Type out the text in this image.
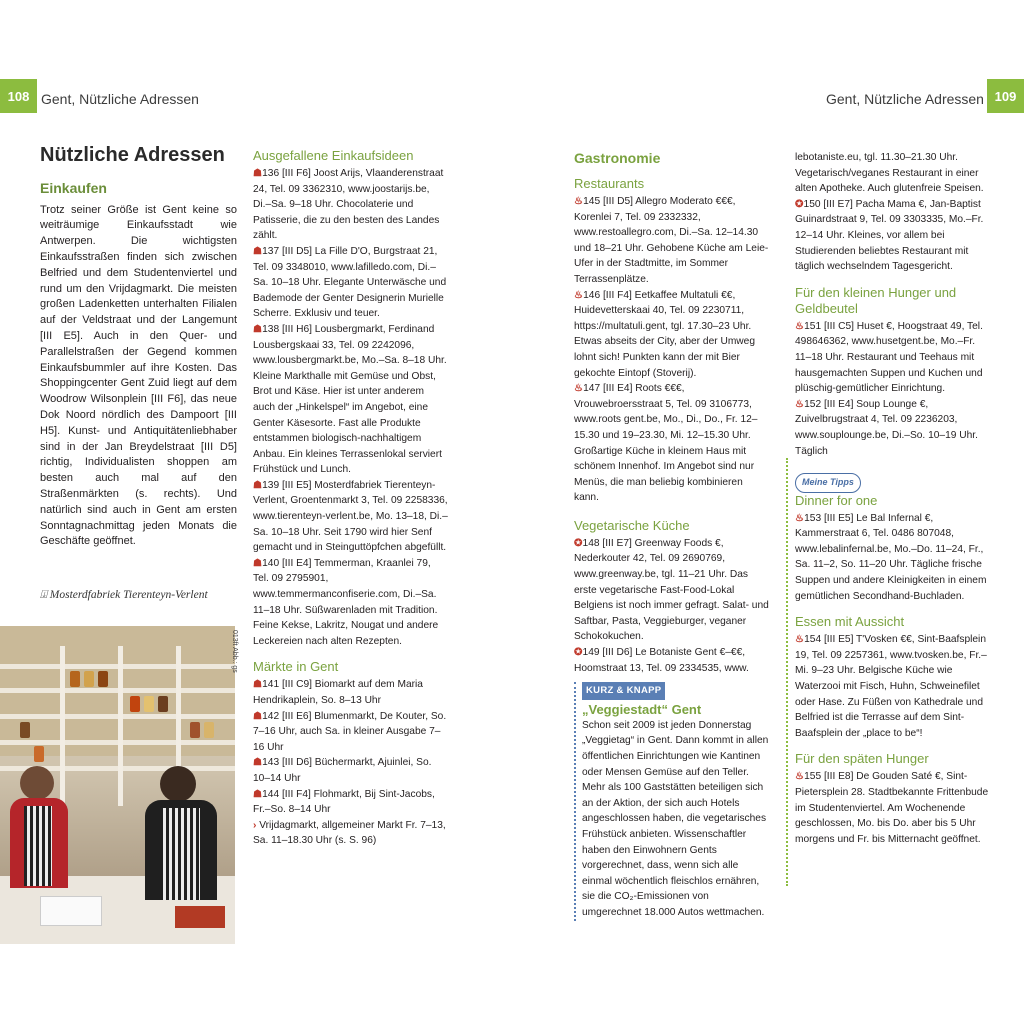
108 Gent, Nützliche Adressen	Gent, Nützliche Adressen 109

Nützliche Adressen

Einkaufen

Trotz seiner Größe ist Gent keine so weiträumige Einkaufsstadt wie Antwerpen. Die wichtigsten Einkaufsstraßen finden sich zwischen Belfried und dem Studentenviertel und rund um den Vrijdagmarkt. Die meisten großen Ladenketten unterhalten Filialen auf der Veldstraat und der Langemunt [III E5]. Auch in den Quer- und Parallelstraßen der Gegend kommen Einkaufsbummler auf ihre Kosten. Das Shoppingcenter Gent Zuid liegt auf dem Woodrow Wilsonplein [III F6], das neue Dok Noord nördlich des Dampoort [III H5]. Kunst- und Antiquitätenliebhaber sind in der Jan Breydelstraat [III D5] richtig, Individualisten shoppen am besten auch mal auf den Straßenmärkten (s. rechts). Und natürlich sind auch in Gent am ersten Sonntagnachmittag jeden Monats die Geschäfte geöffnet.

⍗ Mosterdfabriek Tierenteyn-Verlent
013ft Abb.: gs

Ausgefallene Einkaufsideen

☗136 [III F6] Joost Arijs, Vlaanderenstraat 24, Tel. 09 3362310, www.joostarijs.be, Di.–Sa. 9–18 Uhr. Chocolaterie und Patisserie, die zu den besten des Landes zählt.

☗137 [III D5] La Fille D'O, Burgstraat 21, Tel. 09 3348010, www.lafilledo.com, Di.–Sa. 10–18 Uhr. Elegante Unterwäsche und Bademode der Genter Designerin Murielle Scherre. Exklusiv und teuer.

☗138 [III H6] Lousbergmarkt, Ferdinand Lousbergskaai 33, Tel. 09 2242096, www.lousbergmarkt.be, Mo.–Sa. 8–18 Uhr. Kleine Markthalle mit Gemüse und Obst, Brot und Käse. Hier ist unter anderem auch der „Hinkelspel“ im Angebot, eine Genter Käsesorte. Fast alle Produkte entstammen biologisch-nachhaltigem Anbau. Ein kleines Terrassenlokal serviert Frühstück und Lunch.

☗139 [III E5] Mosterdfabriek Tierenteyn-Verlent, Groentenmarkt 3, Tel. 09 2258336, www.tierenteyn-verlent.be, Mo. 13–18, Di.–Sa. 10–18 Uhr. Seit 1790 wird hier Senf gemacht und in Steinguttöpfchen abgefüllt.

☗140 [III E4] Temmerman, Kraanlei 79, Tel. 09 2795901, www.temmermanconfiserie.com, Di.–Sa. 11–18 Uhr. Süßwarenladen mit Tradition. Feine Kekse, Lakritz, Nougat und andere Leckereien nach alten Rezepten.

Märkte in Gent

☗141 [III C9] Biomarkt auf dem Maria Hendrikaplein, So. 8–13 Uhr

☗142 [III E6] Blumenmarkt, De Kouter, So. 7–16 Uhr, auch Sa. in kleiner Ausgabe 7–16 Uhr

☗143 [III D6] Büchermarkt, Ajuinlei, So. 10–14 Uhr

☗144 [III F4] Flohmarkt, Bij Sint-Jacobs, Fr.–So. 8–14 Uhr

› Vrijdagmarkt, allgemeiner Markt Fr. 7–13, Sa. 11–18.30 Uhr (s. S. 96)

Gastronomie

Restaurants

♨145 [III D5] Allegro Moderato €€€, Korenlei 7, Tel. 09 2332332, www.restoallegro.com, Di.–Sa. 12–14.30 und 18–21 Uhr. Gehobene Küche am Leie-Ufer in der Stadtmitte, im Sommer Terrassenplätze.

♨146 [III F4] Eetkaffee Multatuli €€, Huidevetterskaai 40, Tel. 09 2230711, https://multatuli.gent, tgl. 17.30–23 Uhr. Etwas abseits der City, aber der Umweg lohnt sich! Punkten kann der mit Bier gekochte Eintopf (Stoverij).

♨147 [III E4] Roots €€€, Vrouwebroersstraat 5, Tel. 09 3106773, www.roots gent.be, Mo., Di., Do., Fr. 12–15.30 und 19–23.30, Mi. 12–15.30 Uhr. Großartige Küche in kleinem Haus mit schönem Innenhof. Im Angebot sind nur Menüs, die man beliebig kombinieren kann.

Vegetarische Küche

✪148 [III E7] Greenway Foods €, Nederkouter 42, Tel. 09 2690769, www.greenway.be, tgl. 11–21 Uhr. Das erste vegetarische Fast-Food-Lokal Belgiens ist noch immer gefragt. Salat- und Saftbar, Pasta, Veggieburger, veganer Schokokuchen.

✪149 [III D6] Le Botaniste Gent €–€€, Hoomstraat 13, Tel. 09 2334535, www.

KURZ & KNAPP

„Veggiestadt“ Gent

Schon seit 2009 ist jeden Donnerstag „Veggietag“ in Gent. Dann kommt in allen öffentlichen Einrichtungen wie Kantinen oder Mensen Gemüse auf den Teller. Mehr als 100 Gaststätten beteiligen sich an der Aktion, der sich auch Hotels angeschlossen haben, die vegetarisches Frühstück anbieten. Wissenschaftler haben den Einwohnern Gents vorgerechnet, dass, wenn sich alle einmal wöchentlich fleischlos ernähren, sie die CO₂-Emissionen von umgerechnet 18.000 Autos wettmachen.

lebotaniste.eu, tgl. 11.30–21.30 Uhr. Vegetarisch/veganes Restaurant in einer alten Apotheke. Auch glutenfreie Speisen.

✪150 [III E7] Pacha Mama €, Jan-Baptist Guinardstraat 9, Tel. 09 3303335, Mo.–Fr. 12–14 Uhr. Kleines, vor allem bei Studierenden beliebtes Restaurant mit täglich wechselndem Tagesgericht.

Für den kleinen Hunger und Geldbeutel

♨151 [III C5] Huset €, Hoogstraat 49, Tel. 498646362, www.husetgent.be, Mo.–Fr. 11–18 Uhr. Restaurant und Teehaus mit hausgemachten Suppen und Kuchen und plüschig-gemütlicher Einrichtung.

♨152 [III E4] Soup Lounge €, Zuivelbrugstraat 4, Tel. 09 2236203, www.souplounge.be, Di.–So. 10–19 Uhr. Täglich

Meine Tipps

Dinner for one

♨153 [III E5] Le Bal Infernal €, Kammerstraat 6, Tel. 0486 807048, www.lebalinfernal.be, Mo.–Do. 11–24, Fr., Sa. 11–2, So. 11–20 Uhr. Tägliche frische Suppen und andere Kleinigkeiten in einem gemütlichen Secondhand-Buchladen.

Essen mit Aussicht

♨154 [III E5] T'Vosken €€, Sint-Baafsplein 19, Tel. 09 2257361, www.tvosken.be, Fr.–Mi. 9–23 Uhr. Belgische Küche wie Waterzooi mit Fisch, Huhn, Schweinefilet oder Hase. Zu Füßen von Kathedrale und Belfried ist die Terrasse auf dem Sint-Baafsplein der „place to be“!

Für den späten Hunger

♨155 [III E8] De Gouden Saté €, Sint-Pietersplein 28. Stadtbekannte Frittenbude im Studentenviertel. Am Wochenende geschlossen, Mo. bis Do. aber bis 5 Uhr morgens und Fr. bis Mitternacht geöffnet.
